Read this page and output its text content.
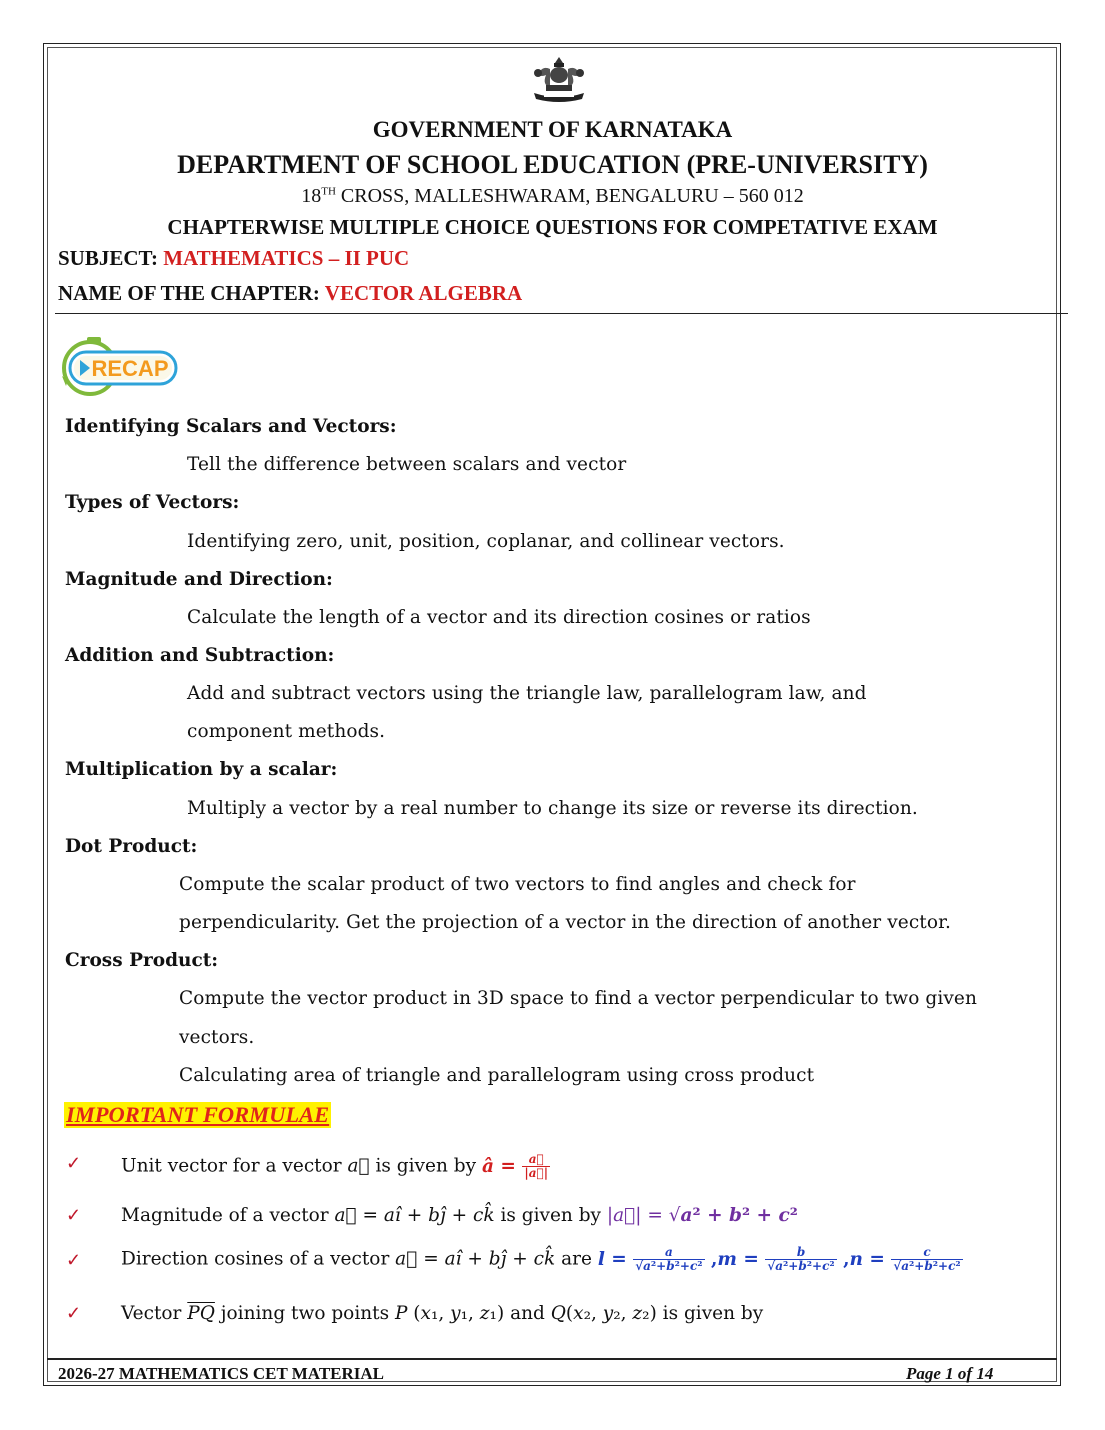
GOVERNMENT OF KARNATAKA
DEPARTMENT OF SCHOOL EDUCATION (PRE-UNIVERSITY)
18TH CROSS, MALLESHWARAM, BENGALURU – 560 012
CHAPTERWISE MULTIPLE CHOICE QUESTIONS FOR COMPETATIVE EXAM
SUBJECT: MATHEMATICS – II PUC
NAME OF THE CHAPTER: VECTOR ALGEBRA
RECAP
Identifying Scalars and Vectors:
Tell the difference between scalars and vector
Types of Vectors:
Identifying zero, unit, position, coplanar, and collinear vectors.
Magnitude and Direction:
Calculate the length of a vector and its direction cosines or ratios
Addition and Subtraction:
Add and subtract vectors using the triangle law, parallelogram law, and
component methods.
Multiplication by a scalar:
Multiply a vector by a real number to change its size or reverse its direction.
Dot Product:
Compute the scalar product of two vectors to find angles and check for
perpendicularity. Get the projection of a vector in the direction of another vector.
Cross Product:
Compute the vector product in 3D space to find a vector perpendicular to two given
vectors.
Calculating area of triangle and parallelogram using cross product
IMPORTANT FORMULAE
✓ Unit vector for a vector a⃗ is given by â = $\frac{a⃗}{|a⃗|}$
✓ Magnitude of a vector a⃗ = aî + bĵ + ck̂ is given by |a⃗| = √a² + b² + c²
✓ Direction cosines of a vector a⃗ = aî + bĵ + ck̂ are $l = \frac{a}{\text{√a²+b²+c²}} ,m = \frac{b}{\text{√a²+b²+c²}} ,n = \frac{c}{\text{√a²+b²+c²}}$
✓ Vector $\overline{PQ}$ joining two points P (x₁, y₁, z₁) and Q(x₂, y₂, z₂) is given by
2026-27 MATHEMATICS CET MATERIAL	Page 1 of 14
